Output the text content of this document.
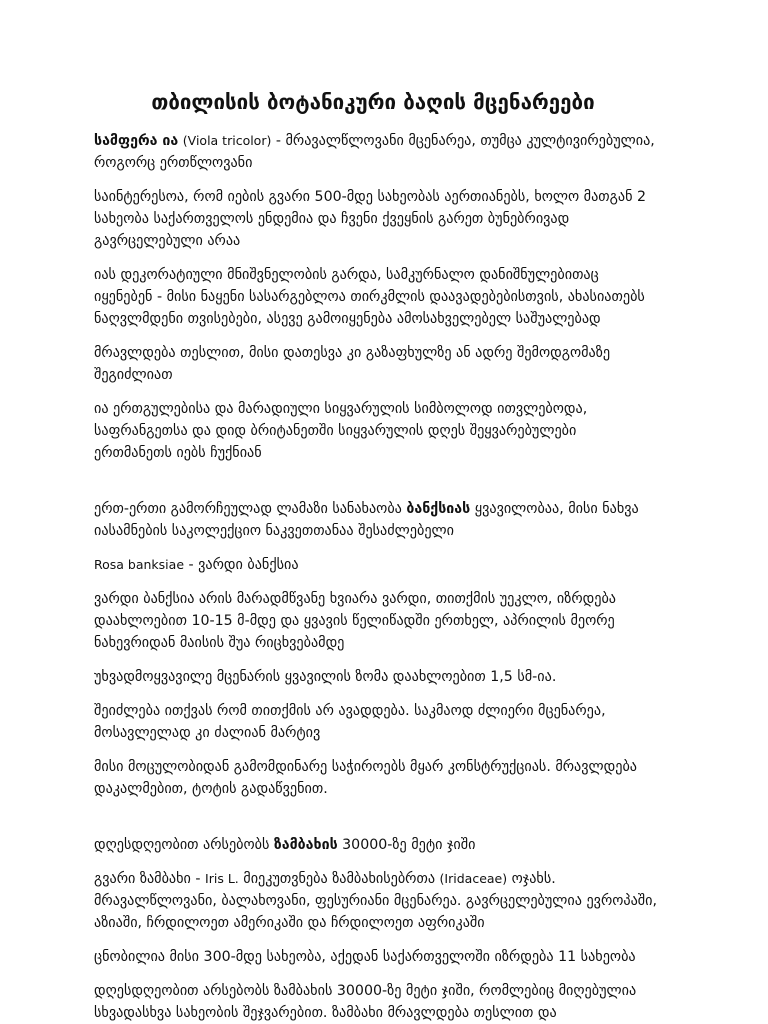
თბილისის ბოტანიკური ბაღის მცენარეები

სამფერა ია (Viola tricolor) - მრავალწლოვანი მცენარეა, თუმცა კულტივირებულია, როგორც ერთწლოვანი

საინტერესოა, რომ იების გვარი 500-მდე სახეობას აერთიანებს, ხოლო მათგან 2 სახეობა საქართველოს ენდემია და ჩვენი ქვეყნის გარეთ ბუნებრივად გავრცელებული არაა

იას დეკორატიული მნიშვნელობის გარდა, სამკურნალო დანიშნულებითაც იყენებენ - მისი ნაყენი სასარგებლოა თირკმლის დაავადებებისთვის, ახასიათებს ნაღვლმდენი თვისებები, ასევე გამოიყენება ამოსახველებელ საშუალებად

მრავლდება თესლით, მისი დათესვა კი გაზაფხულზე ან ადრე შემოდგომაზე შეგიძლიათ

ია ერთგულებისა და მარადიული სიყვარულის სიმბოლოდ ითვლებოდა, საფრანგეთსა და დიდ ბრიტანეთში სიყვარულის დღეს შეყვარებულები ერთმანეთს იებს ჩუქნიან

ერთ-ერთი გამორჩეულად ლამაზი სანახაობა ბანქსიას ყვავილობაა, მისი ნახვა იასამნების საკოლექციო ნაკვეთთანაა შესაძლებელი

Rosa banksiae - ვარდი ბანქსია

ვარდი ბანქსია არის მარადმწვანე ხვიარა ვარდი, თითქმის უეკლო, იზრდება დაახლოებით 10-15 მ-მდე და ყვავის წელიწადში ერთხელ, აპრილის მეორე ნახევრიდან მაისის შუა რიცხვებამდე

უხვადმოყვავილე მცენარის ყვავილის ზომა დაახლოებით 1,5 სმ-ია.

შეიძლება ითქვას რომ თითქმის არ ავადდება. საკმაოდ ძლიერი მცენარეა, მოსავლელად კი ძალიან მარტივ

მისი მოცულობიდან გამომდინარე საჭიროებს მყარ კონსტრუქციას. მრავლდება დაკალმებით, ტოტის გადაწვენით.

დღესდღეობით არსებობს ზამბახის 30000-ზე მეტი ჯიში

გვარი ზამბახი - Iris L. მიეკუთვნება ზამბახისებრთა (Iridaceae) ოჯახს. მრავალწლოვანი, ბალახოვანი, ფესურიანი მცენარეა. გავრცელებულია ევროპაში, აზიაში, ჩრდილოეთ ამერიკაში და ჩრდილოეთ აფრიკაში

ცნობილია მისი 300-მდე სახეობა, აქედან საქართველოში იზრდება 11 სახეობა

დღესდღეობით არსებობს ზამბახის 30000-ზე მეტი ჯიში, რომლებიც მიღებულია სხვადასხვა სახეობის შეჯვარებით. ზამბახი მრავლდება თესლით და
